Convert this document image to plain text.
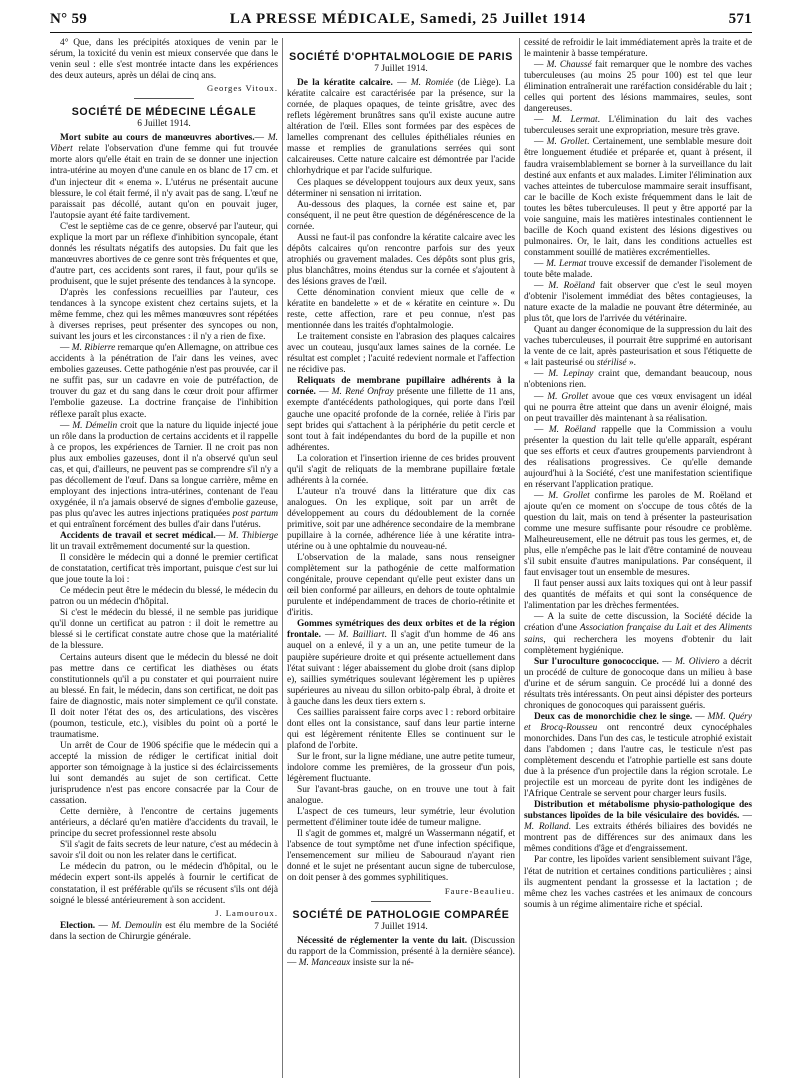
N° 59	LA PRESSE MÉDICALE, Samedi, 25 Juillet 1914	571

4° Que, dans les précipités atoxiques de venin par le sérum, la toxicité du venin est mieux conservée que dans le venin seul : elle s'est montrée intacte dans les expériences des deux auteurs, après un délai de cinq ans.

Georges Vitoux.
SOCIÉTÉ DE MÉDECINE LÉGALE
6 Juillet 1914.

Mort subite au cours de manœuvres abortives.— M. Vibert relate l'observation d'une femme qui fut trouvée morte alors qu'elle était en train de se donner une injection intra-utérine au moyen d'une canule en os blanc de 17 cm. et d'un injecteur dit « enema ». L'utérus ne présentait aucune blessure, le col était fermé, il n'y avait pas de sang. L'œuf ne paraissait pas décollé, autant qu'on en pouvait juger, l'autopsie ayant été faite tardivement.

C'est le septième cas de ce genre, observé par l'auteur, qui explique la mort par un réflexe d'inhibition syncopale, étant donnés les résultats négatifs des autopsies. Du fait que les manœuvres abortives de ce genre sont très fréquentes et que, d'autre part, ces accidents sont rares, il faut, pour qu'ils se produisent, que le sujet présente des tendances à la syncope.

D'après les confessions recueillies par l'auteur, ces tendances à la syncope existent chez certains sujets, et la même femme, chez qui les mêmes manœuvres sont répétées à diverses reprises, peut présenter des syncopes ou non, suivant les jours et les circonstances : il n'y a rien de fixe.

— M. Ribierre remarque qu'en Allemagne, on attribue ces accidents à la pénétration de l'air dans les veines, avec embolies gazeuses. Cette pathogénie n'est pas prouvée, car il ne suffit pas, sur un cadavre en voie de putréfaction, de trouver du gaz et du sang dans le cœur droit pour affirmer l'embolie gazeuse. La doctrine française de l'inhibition réflexe paraît plus exacte.

— M. Démelin croit que la nature du liquide injecté joue un rôle dans la production de certains accidents et il rappelle à ce propos, les expériences de Tarnier. Il ne croit pas non plus aux embolies gazeuses, dont il n'a observé qu'un seul cas, et qui, d'ailleurs, ne peuvent pas se comprendre s'il n'y a pas décollement de l'œuf. Dans sa longue carrière, même en employant des injections intra-utérines, contenant de l'eau oxygénée, il n'a jamais observé de signes d'embolie gazeuse, pas plus qu'avec les autres injections pratiquées post partum et qui entraînent forcément des bulles d'air dans l'utérus.

Accidents de travail et secret médical.— M. Thibierge lit un travail extrêmement documenté sur la question.

Il considère le médecin qui a donné le premier certificat de constatation, certificat très important, puisque c'est sur lui que joue toute la loi :

Ce médecin peut être le médecin du blessé, le médecin du patron ou un médecin d'hôpital.

Si c'est le médecin du blessé, il ne semble pas juridique qu'il donne un certificat au patron : il doit le remettre au blessé si le certificat constate autre chose que la matérialité de la blessure.

Certains auteurs disent que le médecin du blessé ne doit pas mettre dans ce certificat les diathèses ou états constitutionnels qu'il a pu constater et qui pourraient nuire au blessé. En fait, le médecin, dans son certificat, ne doit pas faire de diagnostic, mais noter simplement ce qu'il constate. Il doit noter l'état des os, des articulations, des viscères (poumon, testicule, etc.), visibles du point où a porté le traumatisme.

Un arrêt de Cour de 1906 spécifie que le médecin qui a accepté la mission de rédiger le certificat initial doit apporter son témoignage à la justice si des éclaircissements lui sont demandés au sujet de son certificat. Cette jurisprudence n'est pas encore consacrée par la Cour de cassation.

Cette dernière, à l'encontre de certains jugements antérieurs, a déclaré qu'en matière d'accidents du travail, le principe du secret professionnel reste absolu

S'il s'agit de faits secrets de leur nature, c'est au médecin à savoir s'il doit ou non les relater dans le certificat.

Le médecin du patron, ou le médecin d'hôpital, ou le médecin expert sont-ils appelés à fournir le certificat de constatation, il est préférable qu'ils se récusent s'ils ont déjà soigné le blessé antérieurement à son accident.

J. Lamouroux.

Election. — M. Demoulin est élu membre de la Société dans la section de Chirurgie générale.

SOCIÉTÉ D'OPHTALMOLOGIE DE PARIS
7 Juillet 1914.

De la kératite calcaire. — M. Romiée (de Liège). La kératite calcaire est caractérisée par la présence, sur la cornée, de plaques opaques, de teinte grisâtre, avec des reflets légèrement brunâtres sans qu'il existe aucune autre altération de l'œil. Elles sont formées par des espèces de lamelles comprenant des cellules épithéliales réunies en masse et remplies de granulations serrées qui sont calcaireuses. Cette nature calcaire est démontrée par l'acide chlorhydrique et par l'acide sulfurique.

Ces plaques se développent toujours aux deux yeux, sans déterminer ni sensation ni irritation.

Au-dessous des plaques, la cornée est saine et, par conséquent, il ne peut être question de dégénérescence de la cornée.

Aussi ne faut-il pas confondre la kératite calcaire avec les dépôts calcaires qu'on rencontre parfois sur des yeux atrophiés ou gravement malades. Ces dépôts sont plus gris, plus blanchâtres, moins étendus sur la cornée et s'ajoutent à des lésions graves de l'œil.

Cette dénomination convient mieux que celle de « kératite en bandelette » et de « kératite en ceinture ». Du reste, cette affection, rare et peu connue, n'est pas mentionnée dans les traités d'ophtalmologie.

Le traitement consiste en l'abrasion des plaques calcaires avec un couteau, jusqu'aux lames saines de la cornée. Le résultat est complet ; l'acuité redevient normale et l'affection ne récidive pas.

Reliquats de membrane pupillaire adhérents à la cornée. — M. René Onfray présente une fillette de 11 ans, exempte d'antécédents pathologiques, qui porte dans l'œil gauche une opacité profonde de la cornée, reliée à l'iris par sept brides qui s'attachent à la périphérie du petit cercle et sont tout à fait indépendantes du bord de la pupille et non adhérentes.

La coloration et l'insertion irienne de ces brides prouvent qu'il s'agit de reliquats de la membrane pupillaire fœtale adhérents à la cornée.

L'auteur n'a trouvé dans la littérature que dix cas analogues. On les explique, soit par un arrêt de développement au cours du dédoublement de la cornée primitive, soit par une adhérence secondaire de la membrane pupillaire à la cornée, adhérence liée à une kératite intra-utérine ou à une ophtalmie du nouveau-né.

L'observation de la malade, sans nous renseigner complètement sur la pathogénie de cette malformation congénitale, prouve cependant qu'elle peut exister dans un œil bien conformé par ailleurs, en dehors de toute ophtalmie purulente et indépendamment de traces de chorio-rétinite et d'iritis.

Gommes symétriques des deux orbites et de la région frontale. — M. Bailliart. Il s'agit d'un homme de 46 ans auquel on a enlevé, il y a un an, une petite tumeur de la paupière supérieure droite et qui présente actuellement dans l'état suivant : léger abaissement du globe droit (sans diplop e), saillies symétriques soulevant légèrement les p upières supérieures au niveau du sillon orbito-palp ébral, à droite et à gauche dans les deux tiers extern s.

Ces saillies paraissent faire corps avec l : rebord orbitaire dont elles ont la consistance, sauf dans leur partie interne qui est légèrement rénitente Elles se continuent sur le plafond de l'orbite.

Sur le front, sur la ligne médiane, une autre petite tumeur, indolore comme les premières, de la grosseur d'un pois, légèrement fluctuante.

Sur l'avant-bras gauche, on en trouve une tout à fait analogue.

L'aspect de ces tumeurs, leur symétrie, leur évolution permettent d'éliminer toute idée de tumeur maligne.

Il s'agit de gommes et, malgré un Wassermann négatif, et l'absence de tout symptôme net d'une infection spécifique, l'ensemencement sur milieu de Sabouraud n'ayant rien donné et le sujet ne présentant aucun signe de tuberculose, on doit penser à des gommes syphilitiques.

Faure-Beaulieu.
SOCIÉTÉ DE PATHOLOGIE COMPARÉE
7 Juillet 1914.

Nécessité de réglementer la vente du lait. (Discussion du rapport de la Commission, présenté à la dernière séance). — M. Manceaux insiste sur la né-

cessité de refroidir le lait immédiatement après la traite et de le maintenir à basse température.

— M. Chaussé fait remarquer que le nombre des vaches tuberculeuses (au moins 25 pour 100) est tel que leur élimination entraînerait une raréfaction considérable du lait ; celles qui portent des lésions mammaires, seules, sont dangereuses.

— M. Lermat. L'élimination du lait des vaches tuberculeuses serait une expropriation, mesure très grave.

— M. Grollet. Certainement, une semblable mesure doit être longuement étudiée et préparée et, quant à présent, il faudra vraisemblablement se borner à la surveillance du lait destiné aux enfants et aux malades. Limiter l'élimination aux vaches atteintes de tuberculose mammaire serait insuffisant, car le bacille de Koch existe fréquemment dans le lait de toutes les bêtes tuberculeuses. Il peut y être apporté par la voie sanguine, mais les matières intestinales contiennent le bacille de Koch quand existent des lésions digestives ou pulmonaires. Or, le lait, dans les conditions actuelles est constamment souillé de matières excrémentielles.

— M. Lermat trouve excessif de demander l'isolement de toute bête malade.

— M. Roëland fait observer que c'est le seul moyen d'obtenir l'isolement immédiat des bêtes contagieuses, la nature exacte de la maladie ne pouvant être déterminée, au plus tôt, que lors de l'arrivée du vétérinaire.

Quant au danger économique de la suppression du lait des vaches tuberculeuses, il pourrait être supprimé en autorisant la vente de ce lait, après pasteurisation et sous l'étiquette de « lait pasteurisé ou stérilisé ».

— M. Lepinay craint que, demandant beaucoup, nous n'obtenions rien.

— M. Grollet avoue que ces vœux envisagent un idéal qui ne pourra être atteint que dans un avenir éloigné, mais on peut travailler dès maintenant à sa réalisation.

— M. Roëland rappelle que la Commission a voulu présenter la question du lait telle qu'elle apparaît, espérant que ses efforts et ceux d'autres groupements parviendront à des réalisations progressives. Ce qu'elle demande aujourd'hui à la Société, c'est une manifestation scientifique en réservant l'application pratique.

— M. Grollet confirme les paroles de M. Roëland et ajoute qu'en ce moment on s'occupe de tous côtés de la question du lait, mais on tend à présenter la pasteurisation comme une mesure suffisante pour résoudre ce problème. Malheureusement, elle ne détruit pas tous les germes, et, de plus, elle n'empêche pas le lait d'être contaminé de nouveau s'il subit ensuite d'autres manipulations. Par conséquent, il faut envisager tout un ensemble de mesures.

Il faut penser aussi aux laits toxiques qui ont à leur passif des quantités de méfaits et qui sont la conséquence de l'alimentation par les drèches fermentées.

— A la suite de cette discussion, la Société décide la création d'une Association française du Lait et des Aliments sains, qui recherchera les moyens d'obtenir du lait complètement hygiénique.

Sur l'uroculture gonococcique. — M. Oliviero a décrit un procédé de culture de gonocoque dans un milieu à base d'urine et de sérum sanguin. Ce procédé lui a donné des résultats très intéressants. On peut ainsi dépister des porteurs chroniques de gonocoques qui paraissent guéris.

Deux cas de monorchidie chez le singe. — MM. Quéry et Brocq-Rousseu ont rencontré deux cynocéphales monorchides. Dans l'un des cas, le testicule atrophié existait dans l'abdomen ; dans l'autre cas, le testicule n'est pas complètement descendu et l'atrophie partielle est sans doute due à la présence d'un projectile dans la région scrotale. Le projectile est un morceau de pyrite dont les indigènes de l'Afrique Centrale se servent pour charger leurs fusils.

Distribution et métabolisme physio-pathologique des substances lipoïdes de la bile vésiculaire des bovidés. — M. Rolland. Les extraits éthérés biliaires des bovidés ne montrent pas de différences sur des animaux dans les mêmes conditions d'âge et d'engraissement.

Par contre, les lipoïdes varient sensiblement suivant l'âge, l'état de nutrition et certaines conditions particulières ; ainsi ils augmentent pendant la grossesse et la lactation ; de même chez les vaches castrées et les animaux de concours soumis à un régime alimentaire riche et spécial.
